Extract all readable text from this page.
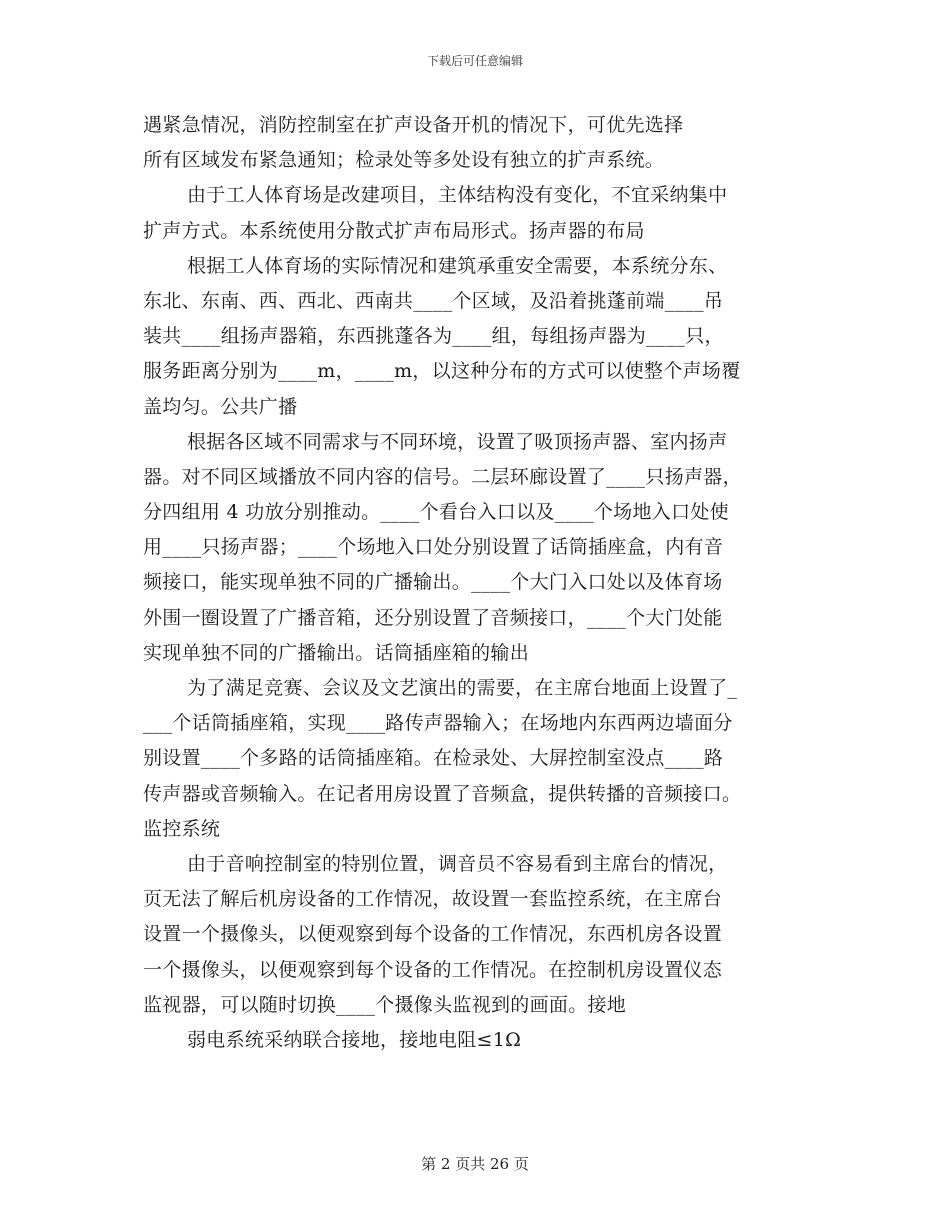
下载后可任意编辑
遇紧急情况，消防控制室在扩声设备开机的情况下，可优先选择
所有区域发布紧急通知；检录处等多处设有独立的扩声系统。
由于工人体育场是改建项目，主体结构没有变化，不宜采纳集中
扩声方式。本系统使用分散式扩声布局形式。扬声器的布局
根据工人体育场的实际情况和建筑承重安全需要，本系统分东、
东北、东南、西、西北、西南共____个区域，及沿着挑蓬前端____吊
装共____组扬声器箱，东西挑蓬各为____组，每组扬声器为____只，
服务距离分别为____m，____m，以这种分布的方式可以使整个声场覆
盖均匀。公共广播
根据各区域不同需求与不同环境，设置了吸顶扬声器、室内扬声
器。对不同区域播放不同内容的信号。二层环廊设置了____只扬声器，
分四组用 4 功放分别推动。____个看台入口以及____个场地入口处使
用____只扬声器；____个场地入口处分别设置了话筒插座盒，内有音
频接口，能实现单独不同的广播输出。____个大门入口处以及体育场
外围一圈设置了广播音箱，还分别设置了音频接口，____个大门处能
实现单独不同的广播输出。话筒插座箱的输出
为了满足竞赛、会议及文艺演出的需要，在主席台地面上设置了_
___个话筒插座箱，实现____路传声器输入；在场地内东西两边墙面分
别设置____个多路的话筒插座箱。在检录处、大屏控制室没点____路
传声器或音频输入。在记者用房设置了音频盒，提供转播的音频接口。
监控系统
由于音响控制室的特别位置，调音员不容易看到主席台的情况，
页无法了解后机房设备的工作情况，故设置一套监控系统，在主席台
设置一个摄像头，以便观察到每个设备的工作情况，东西机房各设置
一个摄像头，以便观察到每个设备的工作情况。在控制机房设置仪态
监视器，可以随时切换____个摄像头监视到的画面。接地
弱电系统采纳联合接地，接地电阻≤1Ω
第 2 页共 26 页
